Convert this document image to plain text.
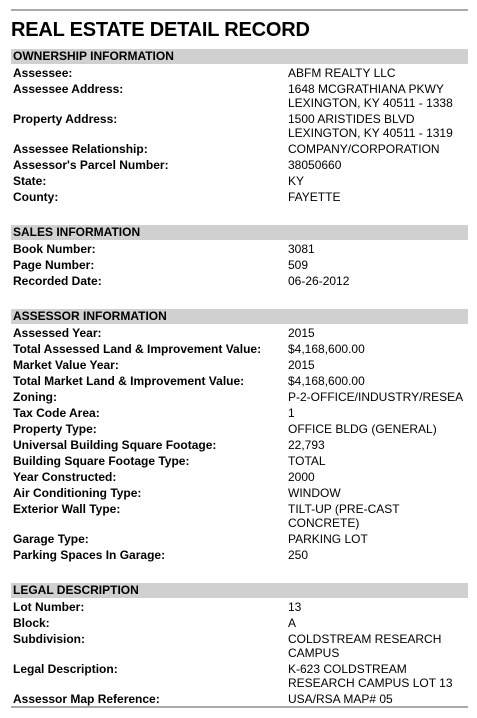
REAL ESTATE DETAIL RECORD
OWNERSHIP INFORMATION
Assessee:	ABFM REALTY LLC
Assessee Address:	1648 MCGRATHIANA PKWY
LEXINGTON, KY 40511 - 1338
Property Address:	1500 ARISTIDES BLVD
LEXINGTON, KY 40511 - 1319
Assessee Relationship:	COMPANY/CORPORATION
Assessor's Parcel Number:	38050660
State:	KY
County:	FAYETTE
SALES INFORMATION
Book Number:	3081
Page Number:	509
Recorded Date:	06-26-2012
ASSESSOR INFORMATION
Assessed Year:	2015
Total Assessed Land & Improvement Value: $4,168,600.00
Market Value Year:	2015
Total Market Land & Improvement Value:	$4,168,600.00
Zoning:	P-2-OFFICE/INDUSTRY/RESEA
Tax Code Area:	1
Property Type:	OFFICE BLDG (GENERAL)
Universal Building Square Footage:	22,793
Building Square Footage Type:	TOTAL
Year Constructed:	2000
Air Conditioning Type:	WINDOW
Exterior Wall Type:	TILT-UP (PRE-CAST
CONCRETE)
Garage Type:	PARKING LOT
Parking Spaces In Garage:	250
LEGAL DESCRIPTION
Lot Number:	13
Block:	A
Subdivision:	COLDSTREAM RESEARCH
CAMPUS
Legal Description:	K-623 COLDSTREAM
RESEARCH CAMPUS LOT 13
Assessor Map Reference:	USA/RSA MAP# 05
